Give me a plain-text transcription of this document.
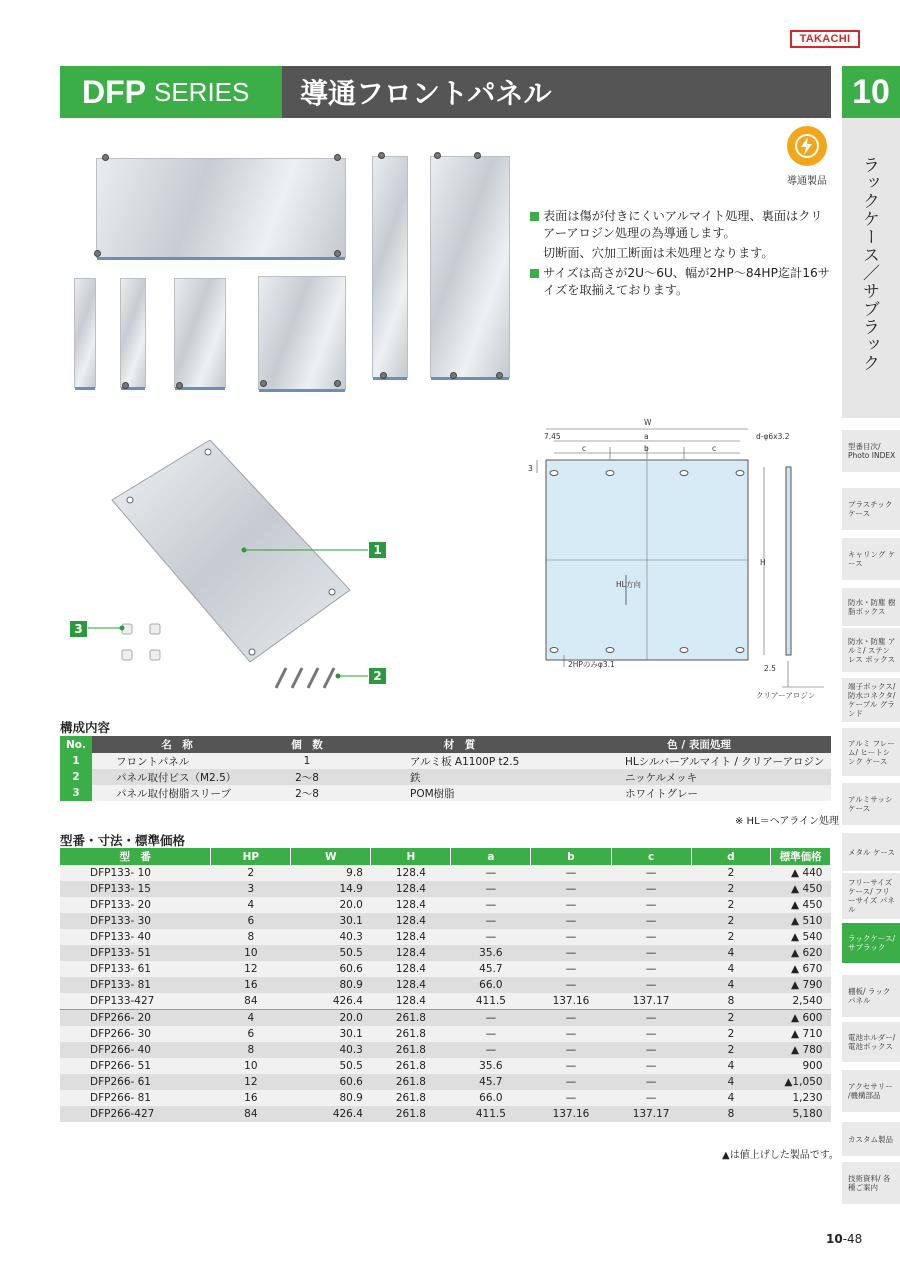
TAKACHI
DFP SERIES	導通フロントパネル	10
ラックケース／サブラック
型番目次/ Photo INDEX
プラスチック ケース
キャリング ケース
防水・防塵 樹脂ボックス
防水・防塵 アルミ/ ステンレス ボックス
端子ボックス/ 防水コネクタ/ ケーブル グランド
アルミ フレーム/ ヒートシンク ケース
アルミサッシ ケース
メタル ケース
フリーサイズ ケース/ フリーサイズ パネル
ラックケース/ サブラック
棚板/ ラックパネル
電池ホルダー/ 電池ボックス
アクセサリー /機構部品
カスタム製品
技術資料/ 各種ご案内
1
2
3
導通製品
表面は傷が付きにくいアルマイト処理、裏面はクリアーアロジン処理の為導通します。
切断面、穴加工断面は未処理となります。
サイズは高さが2U〜6U、幅が2HP〜84HP迄計16サイズを取揃えております。
W
a
c	b	c
7.45	d-φ6x3.2
H
3
HL方向
2HPのみφ3.1	2.5
クリアーアロジン
構成内容
No.	名　称	個　数	材　質	色 / 表面処理
1	フロントパネル	1	アルミ板 A1100P t2.5	HLシルバーアルマイト / クリアーアロジン
2	パネル取付ビス（M2.5）	2〜8	鉄	ニッケルメッキ
3	パネル取付樹脂スリーブ	2〜8	POM樹脂	ホワイトグレー
※ HL＝ヘアライン処理
型番・寸法・標準価格
型　番	HP	W	H	a	b	c	d	標準価格
DFP133- 10	2	9.8	128.4	—	—	—	2	▲ 440
DFP133- 15	3	14.9	128.4	—	—	—	2	▲ 450
DFP133- 20	4	20.0	128.4	—	—	—	2	▲ 450
DFP133- 30	6	30.1	128.4	—	—	—	2	▲ 510
DFP133- 40	8	40.3	128.4	—	—	—	2	▲ 540
DFP133- 51	10	50.5	128.4	35.6	—	—	4	▲ 620
DFP133- 61	12	60.6	128.4	45.7	—	—	4	▲ 670
DFP133- 81	16	80.9	128.4	66.0	—	—	4	▲ 790
DFP133-427	84	426.4	128.4	411.5	137.16	137.17	8	2,540
DFP266- 20	4	20.0	261.8	—	—	—	2	▲ 600
DFP266- 30	6	30.1	261.8	—	—	—	2	▲ 710
DFP266- 40	8	40.3	261.8	—	—	—	2	▲ 780
DFP266- 51	10	50.5	261.8	35.6	—	—	4	900
DFP266- 61	12	60.6	261.8	45.7	—	—	4	▲1,050
DFP266- 81	16	80.9	261.8	66.0	—	—	4	1,230
DFP266-427	84	426.4	261.8	411.5	137.16	137.17	8	5,180
▲は値上げした製品です。
10-48
